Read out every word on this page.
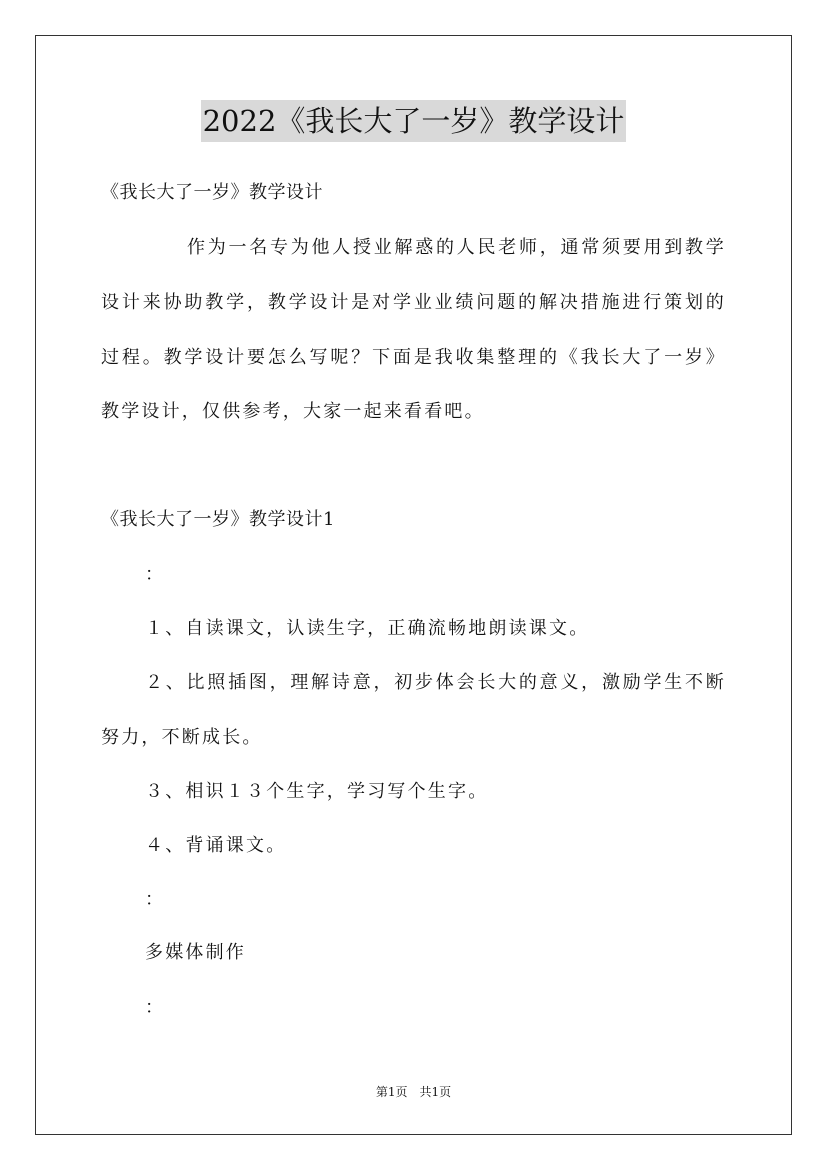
2022《我长大了一岁》教学设计
《我长大了一岁》教学设计
作为一名专为他人授业解惑的人民老师，通常须要用到教学
设计来协助教学，教学设计是对学业业绩问题的解决措施进行策划的
过程。教学设计要怎么写呢？下面是我收集整理的《我长大了一岁》
教学设计，仅供参考，大家一起来看看吧。
《我长大了一岁》教学设计1
：
１、自读课文，认读生字，正确流畅地朗读课文。
２、比照插图，理解诗意，初步体会长大的意义，激励学生不断
努力，不断成长。
３、相识１３个生字，学习写个生字。
４、背诵课文。
：
多媒体制作
：
第1页　共1页
